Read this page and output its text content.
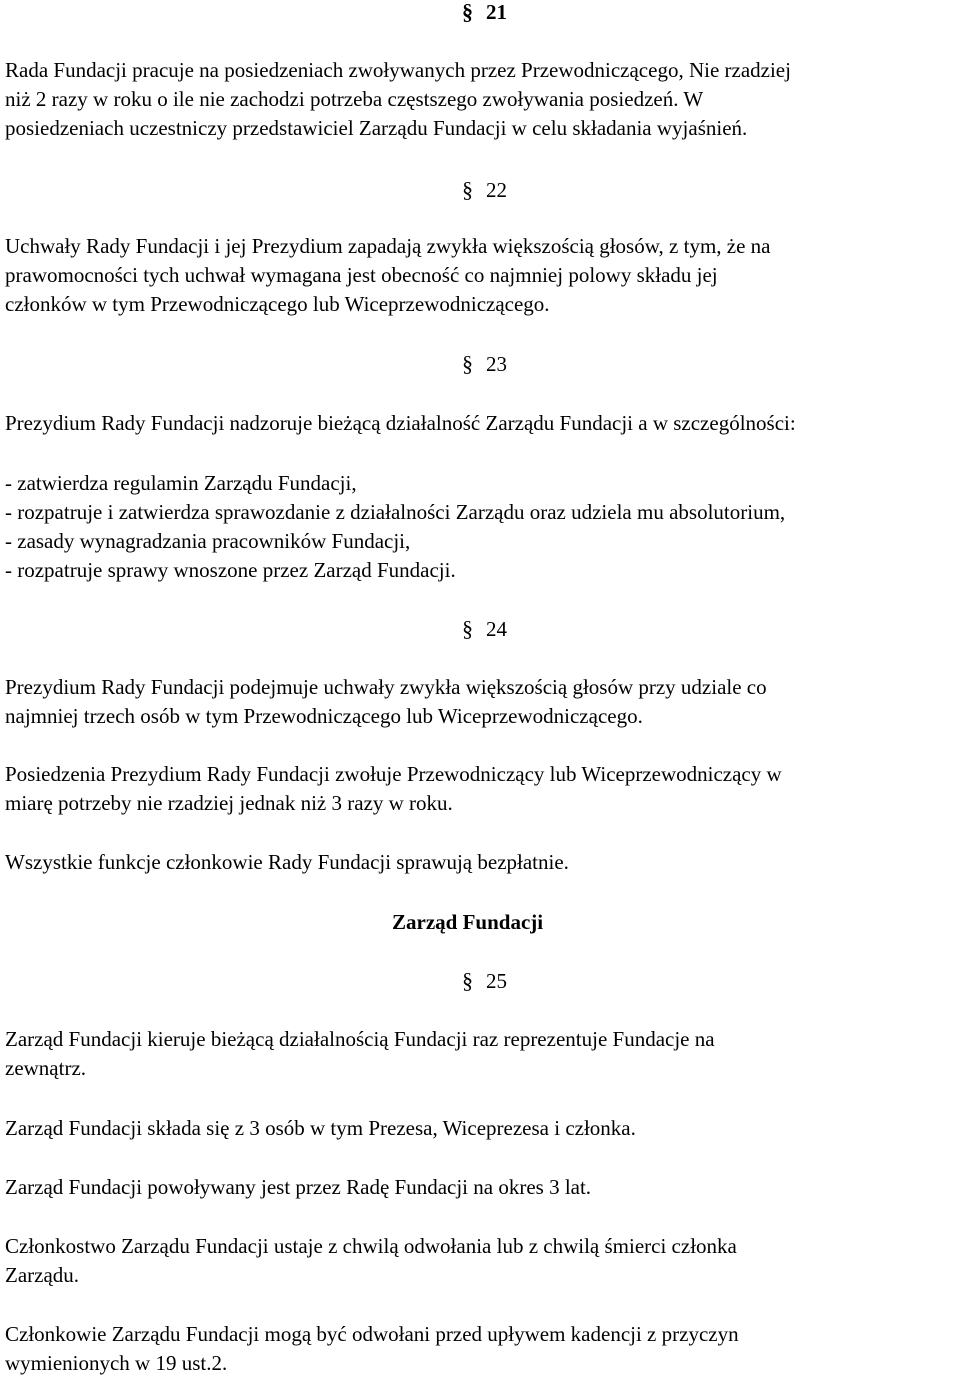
§ 21
Rada Fundacji pracuje na posiedzeniach zwoływanych przez Przewodniczącego, Nie rzadziej
niż 2 razy w roku o ile nie zachodzi potrzeba częstszego zwoływania posiedzeń. W
posiedzeniach uczestniczy przedstawiciel Zarządu Fundacji w celu składania wyjaśnień.
§ 22
Uchwały Rady Fundacji i jej Prezydium zapadają zwykła większością głosów, z tym, że na
prawomocności tych uchwał wymagana jest obecność co najmniej polowy składu jej
członków w tym Przewodniczącego lub Wiceprzewodniczącego.
§ 23
Prezydium Rady Fundacji nadzoruje bieżącą działalność Zarządu Fundacji a w szczególności:
- zatwierdza regulamin Zarządu Fundacji,
- rozpatruje i zatwierdza sprawozdanie z działalności Zarządu oraz udziela mu absolutorium,
- zasady wynagradzania pracowników Fundacji,
- rozpatruje sprawy wnoszone przez Zarząd Fundacji.
§ 24
Prezydium Rady Fundacji podejmuje uchwały zwykła większością głosów przy udziale co
najmniej trzech osób w tym Przewodniczącego lub Wiceprzewodniczącego.
Posiedzenia Prezydium Rady Fundacji zwołuje Przewodniczący lub Wiceprzewodniczący w
miarę potrzeby nie rzadziej jednak niż 3 razy w roku.
Wszystkie funkcje członkowie Rady Fundacji sprawują bezpłatnie.
Zarząd Fundacji
§ 25
Zarząd Fundacji kieruje bieżącą działalnością Fundacji raz reprezentuje Fundacje na
zewnątrz.
Zarząd Fundacji składa się z 3 osób w tym Prezesa, Wiceprezesa i członka.
Zarząd Fundacji powoływany jest przez Radę Fundacji na okres 3 lat.
Członkostwo Zarządu Fundacji ustaje z chwilą odwołania lub z chwilą śmierci członka
Zarządu.
Członkowie Zarządu Fundacji mogą być odwołani przed upływem kadencji z przyczyn
wymienionych w 19 ust.2.
